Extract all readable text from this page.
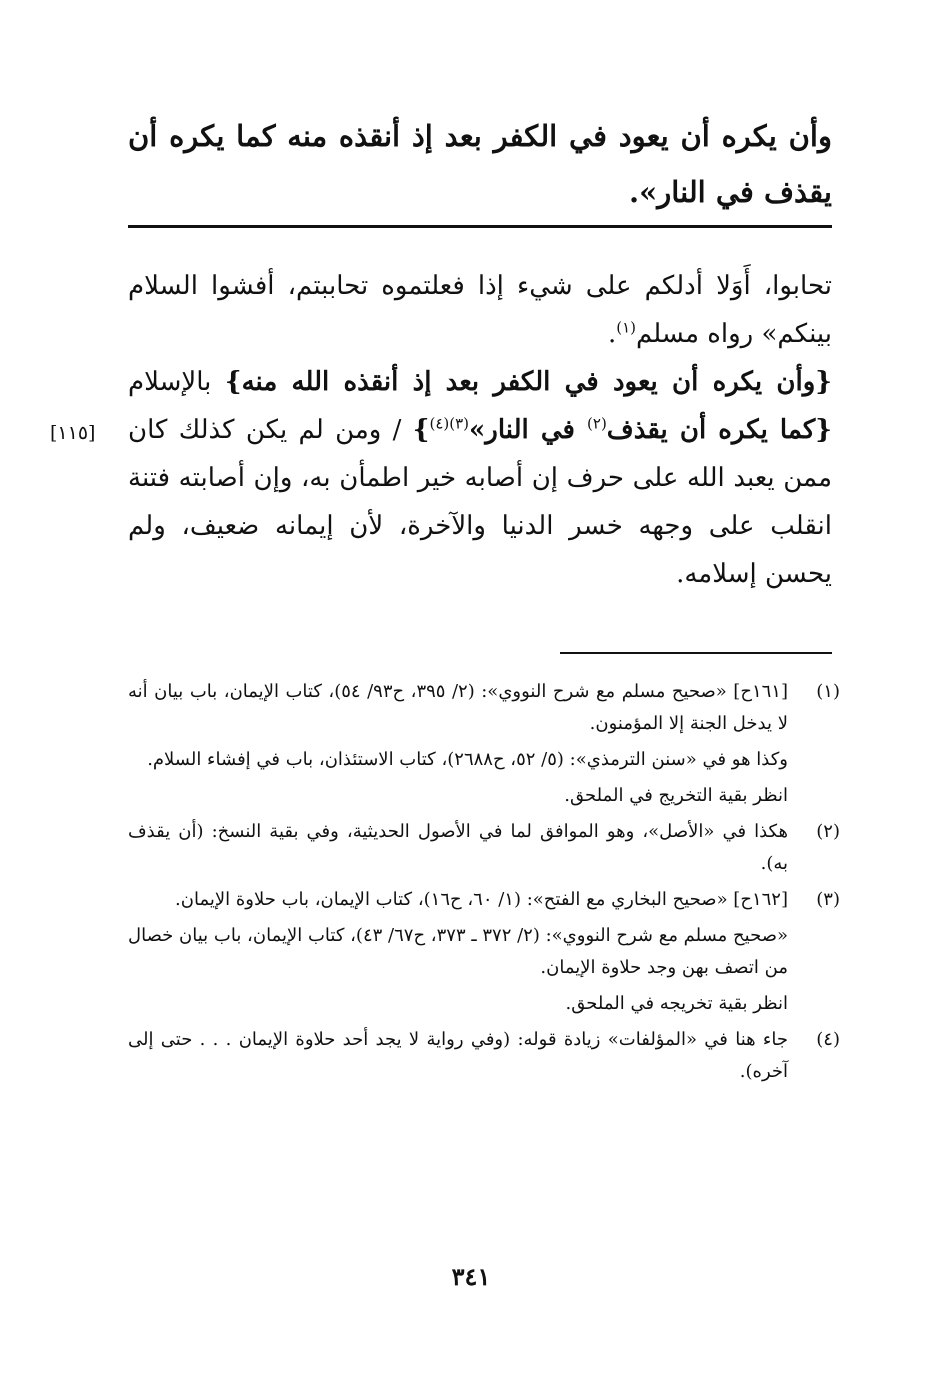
وأن يكره أن يعود في الكفر بعد إذ أنقذه منه كما يكره أن يقذف في النار».

تحابوا، أَوَلا أدلكم على شيء إذا فعلتموه تحاببتم، أفشوا السلام بينكم» رواه مسلم$^{(١)}$.

{وأن يكره أن يعود في الكفر بعد إذ أنقذه الله منه} بالإسلام {كما يكره أن يقذف$^{(٢)}$ في النار»$^{(٣)(٤)}$} / ومن لم يكن كذلك كان ممن يعبد الله على حرف إن أصابه خير اطمأن به، وإن أصابته فتنة انقلب على وجهه خسر الدنيا والآخرة، لأن إيمانه ضعيف، ولم يحسن إسلامه.

[١١٥]
(١)

[١٦١ح] «صحيح مسلم مع شرح النووي»: (٢/ ٣٩٥، ح٩٣/ ٥٤)، كتاب الإيمان، باب بيان أنه لا يدخل الجنة إلا المؤمنون.

وكذا هو في «سنن الترمذي»: (٥/ ٥٢، ح٢٦٨٨)، كتاب الاستئذان، باب في إفشاء السلام.

انظر بقية التخريج في الملحق.

(٢)

هكذا في «الأصل»، وهو الموافق لما في الأصول الحديثية، وفي بقية النسخ: (أن يقذف به).

(٣)

[١٦٢ح] «صحيح البخاري مع الفتح»: (١/ ٦٠، ح١٦)، كتاب الإيمان، باب حلاوة الإيمان.

«صحيح مسلم مع شرح النووي»: (٢/ ٣٧٢ ـ ٣٧٣، ح٦٧/ ٤٣)، كتاب الإيمان، باب بيان خصال من اتصف بهن وجد حلاوة الإيمان.

انظر بقية تخريجه في الملحق.

(٤)

جاء هنا في «المؤلفات» زيادة قوله: (وفي رواية لا يجد أحد حلاوة الإيمان . . . حتى إلى آخره).

٣٤١
